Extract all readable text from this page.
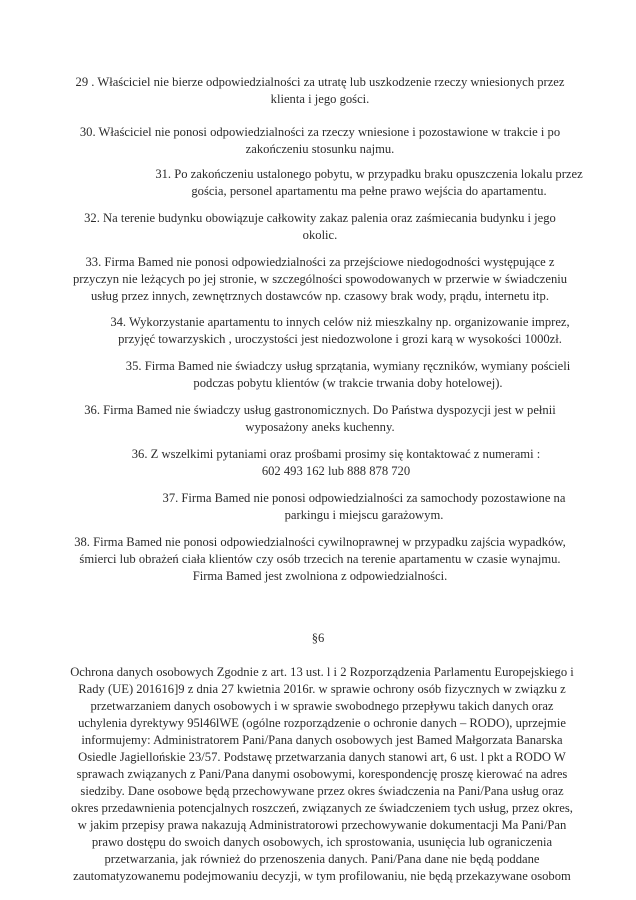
29 . Właściciel nie bierze odpowiedzialności za utratę lub uszkodzenie rzeczy wniesionych przez
klienta i jego gości.
30. Właściciel nie ponosi odpowiedzialności za rzeczy wniesione i pozostawione w trakcie i po
zakończeniu stosunku najmu.
31. Po zakończeniu ustalonego pobytu, w przypadku braku opuszczenia lokalu przez
gościa, personel apartamentu ma pełne prawo wejścia do apartamentu.
32. Na terenie budynku obowiązuje całkowity zakaz palenia oraz zaśmiecania budynku i jego
okolic.
33. Firma Bamed nie ponosi odpowiedzialności za przejściowe niedogodności występujące z
przyczyn nie leżących po jej stronie, w szczególności spowodowanych w przerwie w świadczeniu
usług przez innych, zewnętrznych dostawców np. czasowy brak wody, prądu, internetu itp.
34. Wykorzystanie apartamentu to innych celów niż mieszkalny np. organizowanie imprez,
przyjęć towarzyskich , uroczystości jest niedozwolone i grozi karą w wysokości 1000zł.
35. Firma Bamed nie świadczy usług sprzątania, wymiany ręczników, wymiany pościeli
podczas pobytu klientów (w trakcie trwania doby hotelowej).
36. Firma Bamed nie świadczy usług gastronomicznych. Do Państwa dyspozycji jest w pełnii
wyposażony aneks kuchenny.
36. Z wszelkimi pytaniami oraz prośbami prosimy się kontaktować z numerami :
602 493 162 lub 888 878 720
37. Firma Bamed nie ponosi odpowiedzialności za samochody pozostawione na
parkingu i miejscu garażowym.
38. Firma Bamed nie ponosi odpowiedzialności cywilnoprawnej w przypadku zajścia wypadków,
śmierci lub obrażeń ciała klientów czy osób trzecich na terenie apartamentu w czasie wynajmu.
Firma Bamed jest zwolniona z odpowiedzialności.
§6
Ochrona danych osobowych Zgodnie z art. 13 ust. l i 2 Rozporządzenia Parlamentu Europejskiego i
Rady (UE) 201616]9 z dnia 27 kwietnia 2016r. w sprawie ochrony osób fizycznych w związku z
przetwarzaniem danych osobowych i w sprawie swobodnego przepływu takich danych oraz
uchylenia dyrektywy 95l46lWE (ogólne rozporządzenie o ochronie danych – RODO), uprzejmie
informujemy: Administratorem Pani/Pana danych osobowych jest Bamed Małgorzata Banarska
Osiedle Jagiellońskie 23/57. Podstawę przetwarzania danych stanowi art, 6 ust. l pkt a RODO W
sprawach związanych z Pani/Pana danymi osobowymi, korespondencję proszę kierować na adres
siedziby. Dane osobowe będą przechowywane przez okres świadczenia na Pani/Pana usług oraz
okres przedawnienia potencjalnych roszczeń, związanych ze świadczeniem tych usług, przez okres,
w jakim przepisy prawa nakazują Administratorowi przechowywanie dokumentacji Ma Pani/Pan
prawo dostępu do swoich danych osobowych, ich sprostowania, usunięcia lub ograniczenia
przetwarzania, jak również do przenoszenia danych. Pani/Pana dane nie będą poddane
zautomatyzowanemu podejmowaniu decyzji, w tym profilowaniu, nie będą przekazywane osobom
